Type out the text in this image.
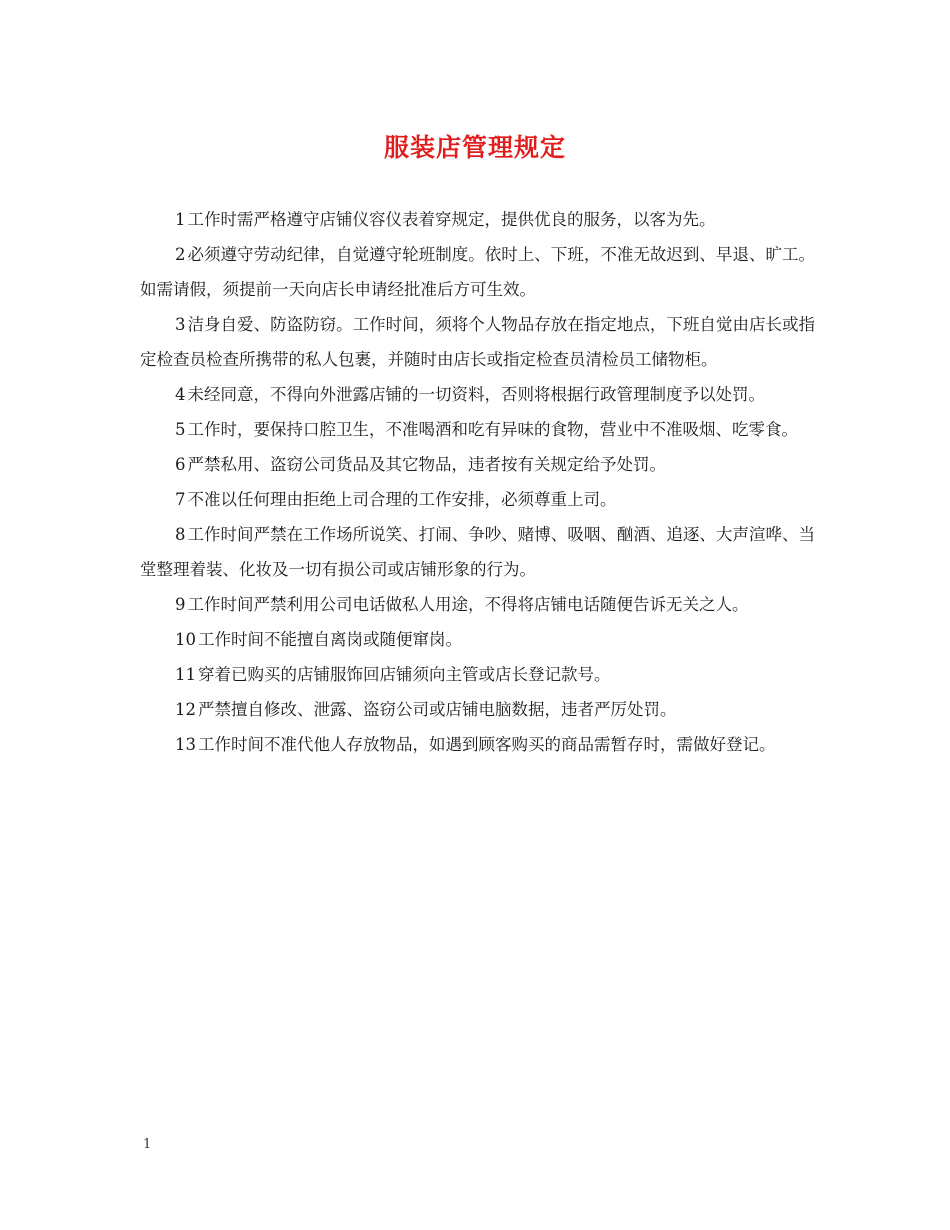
服装店管理规定

1 工作时需严格遵守店铺仪容仪表着穿规定，提供优良的服务，以客为先。

2 必须遵守劳动纪律，自觉遵守轮班制度。依时上、下班，不准无故迟到、早退、旷工。如需请假，须提前一天向店长申请经批准后方可生效。

3 洁身自爱、防盗防窃。工作时间，须将个人物品存放在指定地点，下班自觉由店长或指定检查员检查所携带的私人包裹，并随时由店长或指定检查员清检员工储物柜。

4 未经同意，不得向外泄露店铺的一切资料，否则将根据行政管理制度予以处罚。

5 工作时，要保持口腔卫生，不准喝酒和吃有异味的食物，营业中不准吸烟、吃零食。

6 严禁私用、盗窃公司货品及其它物品，违者按有关规定给予处罚。

7 不准以任何理由拒绝上司合理的工作安排，必须尊重上司。

8 工作时间严禁在工作场所说笑、打闹、争吵、赌博、吸咽、酗酒、追逐、大声渲哗、当堂整理着装、化妆及一切有损公司或店铺形象的行为。

9 工作时间严禁利用公司电话做私人用途，不得将店铺电话随便告诉无关之人。

10 工作时间不能擅自离岗或随便窜岗。

11 穿着已购买的店铺服饰回店铺须向主管或店长登记款号。

12 严禁擅自修改、泄露、盗窃公司或店铺电脑数据，违者严厉处罚。

13 工作时间不准代他人存放物品，如遇到顾客购买的商品需暂存时，需做好登记。

1
